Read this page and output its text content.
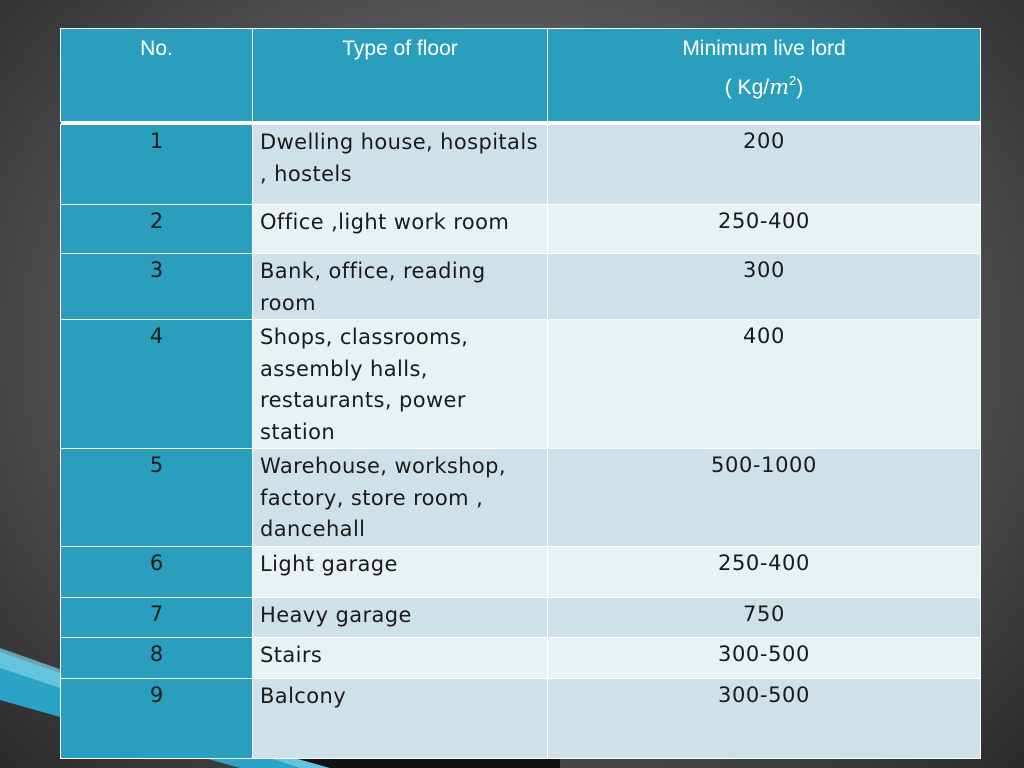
No.	Type of floor	Minimum live lord
( $Kg/m^2$)

1	Dwelling house, hospitals , hostels	200
2	Office ,light work room	250-400
3	Bank, office, reading room	300
4	Shops, classrooms, assembly halls, restaurants, power station	400
5	Warehouse, workshop, factory, store room , dancehall	500-1000
6	Light garage	250-400
7	Heavy garage	750
8	Stairs	300-500
9	Balcony	300-500
